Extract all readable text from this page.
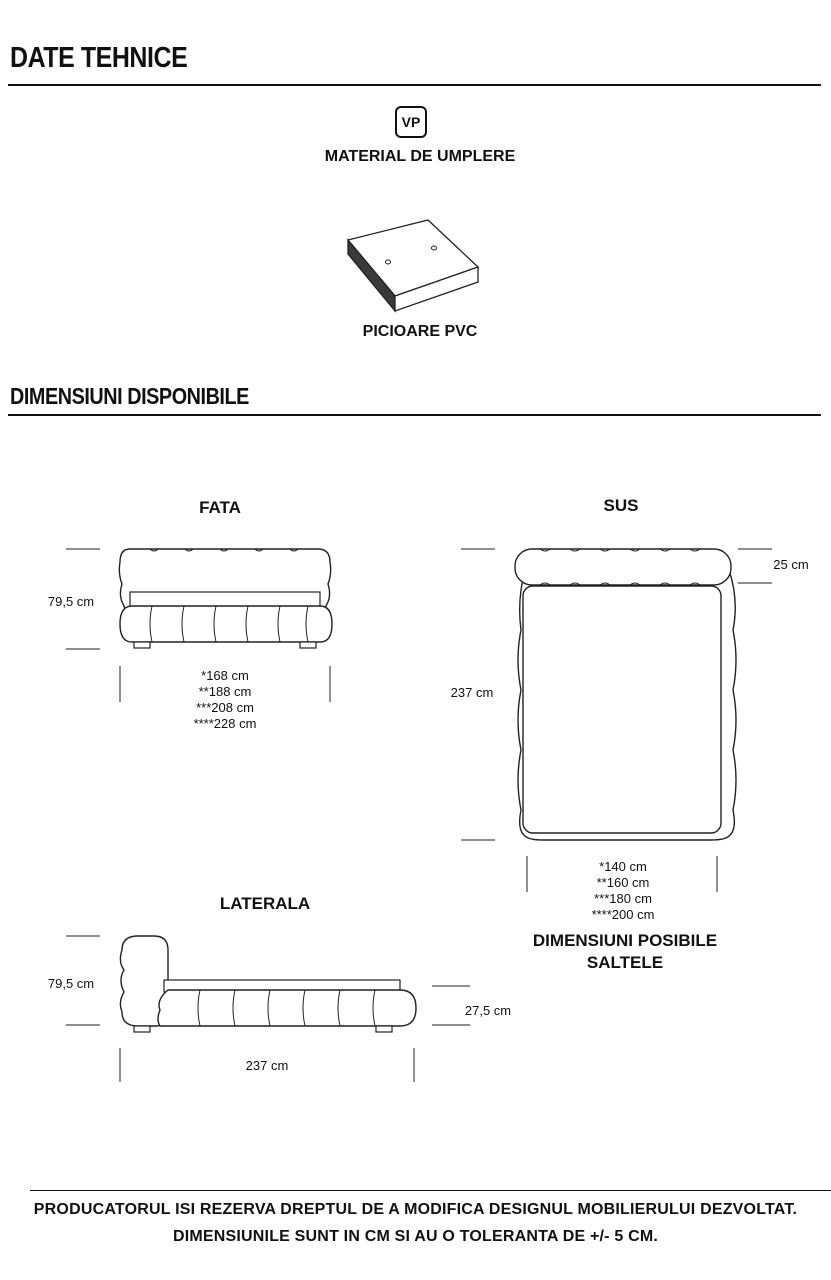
DATE TEHNICE
VP
MATERIAL DE UMPLERE
PICIOARE PVC
DIMENSIUNI DISPONIBILE
FATA
79,5 cm
*168 cm
**188 cm
***208 cm
****228 cm
SUS
25 cm
237 cm
*140 cm
**160 cm
***180 cm
****200 cm
DIMENSIUNI POSIBILE
SALTELE
LATERALA
79,5 cm
27,5 cm
237 cm
PRODUCATORUL ISI REZERVA DREPTUL DE A MODIFICA DESIGNUL MOBILIERULUI DEZVOLTAT.
DIMENSIUNILE SUNT IN CM SI AU O TOLERANTA DE +/- 5 CM.
